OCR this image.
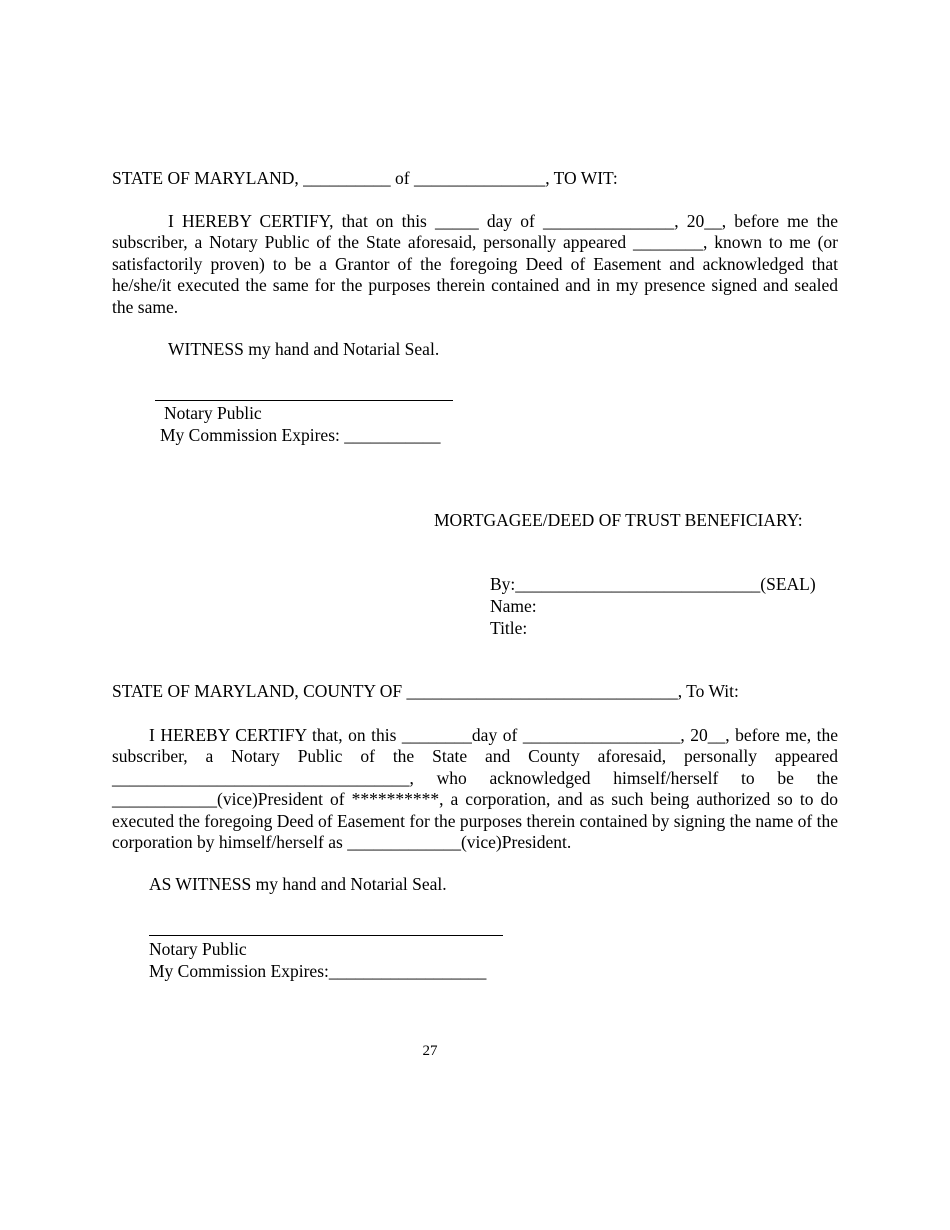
STATE OF MARYLAND, __________ of _______________, TO WIT:

I HEREBY CERTIFY, that on this _____ day of _______________, 20__, before me the subscriber, a Notary Public of the State aforesaid, personally appeared ________, known to me (or satisfactorily proven) to be a Grantor of the foregoing Deed of Easement and acknowledged that he/she/it executed the same for the purposes therein contained and in my presence signed and sealed the same.

WITNESS my hand and Notarial Seal.
Notary Public
My Commission Expires: ___________
MORTGAGEE/DEED OF TRUST BENEFICIARY:
By:____________________________(SEAL)
Name:
Title:
STATE OF MARYLAND, COUNTY OF _______________________________, To Wit:

I HEREBY CERTIFY that, on this ________day of __________________, 20__, before me, the subscriber, a Notary Public of the State and County aforesaid, personally appeared __________________________________, who acknowledged himself/herself to be the ____________(vice)President of **********, a corporation, and as such being authorized so to do executed the foregoing Deed of Easement for the purposes therein contained by signing the name of the corporation by himself/herself as _____________(vice)President.

AS WITNESS my hand and Notarial Seal.
Notary Public
My Commission Expires:__________________
27
